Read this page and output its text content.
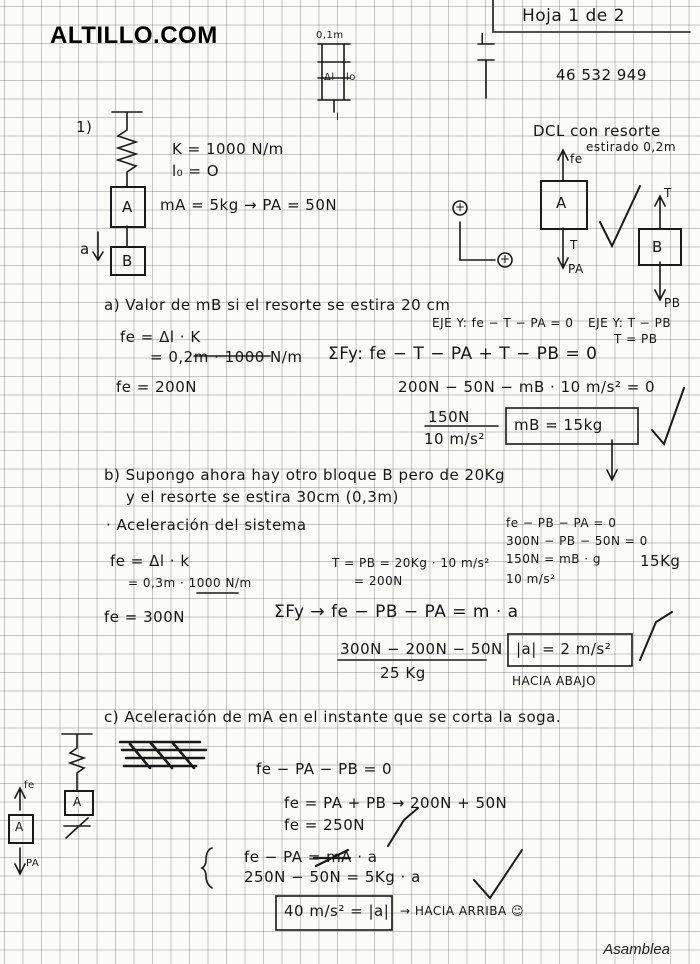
ALTILLO.COM
Hoja 1 de 2
46 532 949
I
0,1m
Δl lo
l
1)
A
B
a
K = 1000 N/m
l₀ = O
mA = 5kg → PA = 50N
DCL con resorte
estirado 0,2m
fe
A
T
PA
B
T
PB
+
+
a) Valor de mB si el resorte se estira 20 cm
EJE Y: fe − T − PA = 0 EJE Y: T − PB
T = PB
fe = Δl · K
= 0,2m · 1000 N/m
fe = 200N
ΣFy: fe − T − PA + T − PB = 0
200N − 50N − mB · 10 m/s² = 0
150N
10 m/s²
mB = 15kg
b) Supongo ahora hay otro bloque B pero de 20Kg
y el resorte se estira 30cm (0,3m)
· Aceleración del sistema	fe − PB − PA = 0
300N − PB − 50N = 0
150N = mB · g
10 m/s²
15Kg
fe = Δl · k
= 0,3m · 1000 N/m
fe = 300N
T = PB = 20Kg · 10 m/s²
= 200N
ΣFy → fe − PB − PA = m · a
300N − 200N − 50N
25 Kg
|a| = 2 m/s²
HACIA ABAJO
c) Aceleración de mA en el instante que se corta la soga.
A
fe
A
PA
fe − PA − PB = 0
fe = PA + PB → 200N + 50N
fe = 250N
fe − PA = mA · a
250N − 50N = 5Kg · a
40 m/s² = |a| → HACIA ARRIBA ☺
Asamblea
